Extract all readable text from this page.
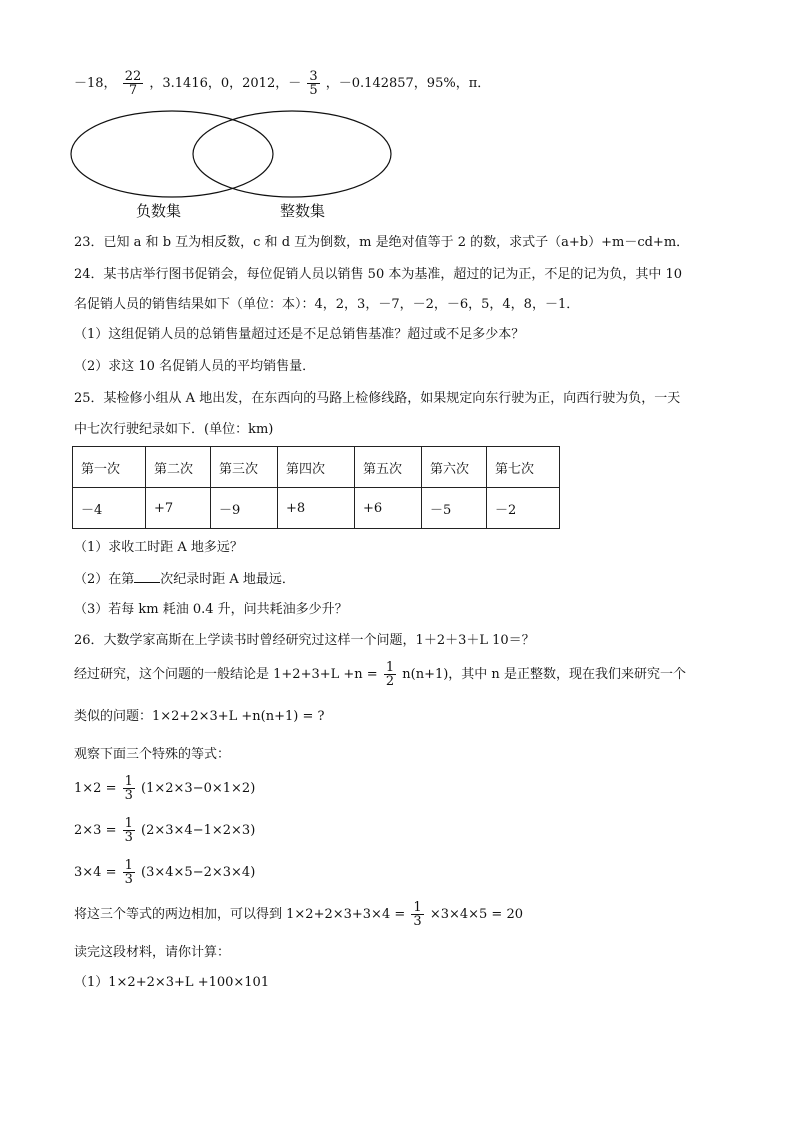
－18， $\frac{22}{7}$ ，3.1416，0，2012，－ $\frac{3}{5}$ ，－0.142857，95%，π．
负数集	整数集
23．已知 a 和 b 互为相反数，c 和 d 互为倒数，m 是绝对值等于 2 的数，求式子（a+b）+m－cd+m．
24．某书店举行图书促销会，每位促销人员以销售 50 本为基准，超过的记为正，不足的记为负，其中 10
名促销人员的销售结果如下（单位：本）：4，2，3，－7，－2，－6，5，4，8，－1．
（1）这组促销人员的总销售量超过还是不足总销售基准？超过或不足多少本？
（2）求这 10 名促销人员的平均销售量．
25．某检修小组从 A 地出发，在东西向的马路上检修线路，如果规定向东行驶为正，向西行驶为负，一天
中七次行驶纪录如下．(单位：km)
第一次	第二次	第三次	第四次	第五次	第六次	第七次
－4	+7	－9	+8	+6	－5	－2
（1）求收工时距 A 地多远？
（2）在第 次纪录时距 A 地最远．
（3）若每 km 耗油 0.4 升，问共耗油多少升？
26．大数学家高斯在上学读书时曾经研究过这样一个问题，1＋2＋3＋L 10＝？
经过研究，这个问题的一般结论是 $1+2+3+L +n = \frac{1}{2} n(n+1)$，其中 n 是正整数，现在我们来研究一个
类似的问题：1×2+2×3+L +n(n+1) = ?
观察下面三个特殊的等式：
$1\times 2 = \frac{1}{3} (1\times 2\times 3-0\times 1\times 2)$
$2\times 3 = \frac{1}{3} (2\times 3\times 4-1\times 2\times 3)$
$3\times 4 = \frac{1}{3} (3\times 4\times 5-2\times 3\times 4)$
将这三个等式的两边相加，可以得到 $1\times 2+2\times 3+3\times 4 = \frac{1}{3} \times 3\times 4\times 5 = 20$
读完这段材料，请你计算：
（1）1×2+2×3+L +100×101
